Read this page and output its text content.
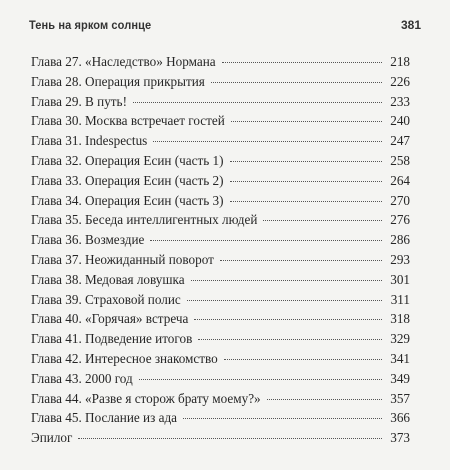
Тень на ярком солнце	381
Глава 27. «Наследство» Нормана	218
Глава 28. Операция прикрытия	226
Глава 29. В путь!	233
Глава 30. Москва встречает гостей	240
Глава 31. Indespectus	247
Глава 32. Операция Есин (часть 1)	258
Глава 33. Операция Есин (часть 2)	264
Глава 34. Операция Есин (часть 3)	270
Глава 35. Беседа интеллигентных людей	276
Глава 36. Возмездие	286
Глава 37. Неожиданный поворот	293
Глава 38. Медовая ловушка	301
Глава 39. Страховой полис	311
Глава 40. «Горячая» встреча	318
Глава 41. Подведение итогов	329
Глава 42. Интересное знакомство	341
Глава 43. 2000 год	349
Глава 44. «Разве я сторож брату моему?»	357
Глава 45. Послание из ада	366
Эпилог	373
